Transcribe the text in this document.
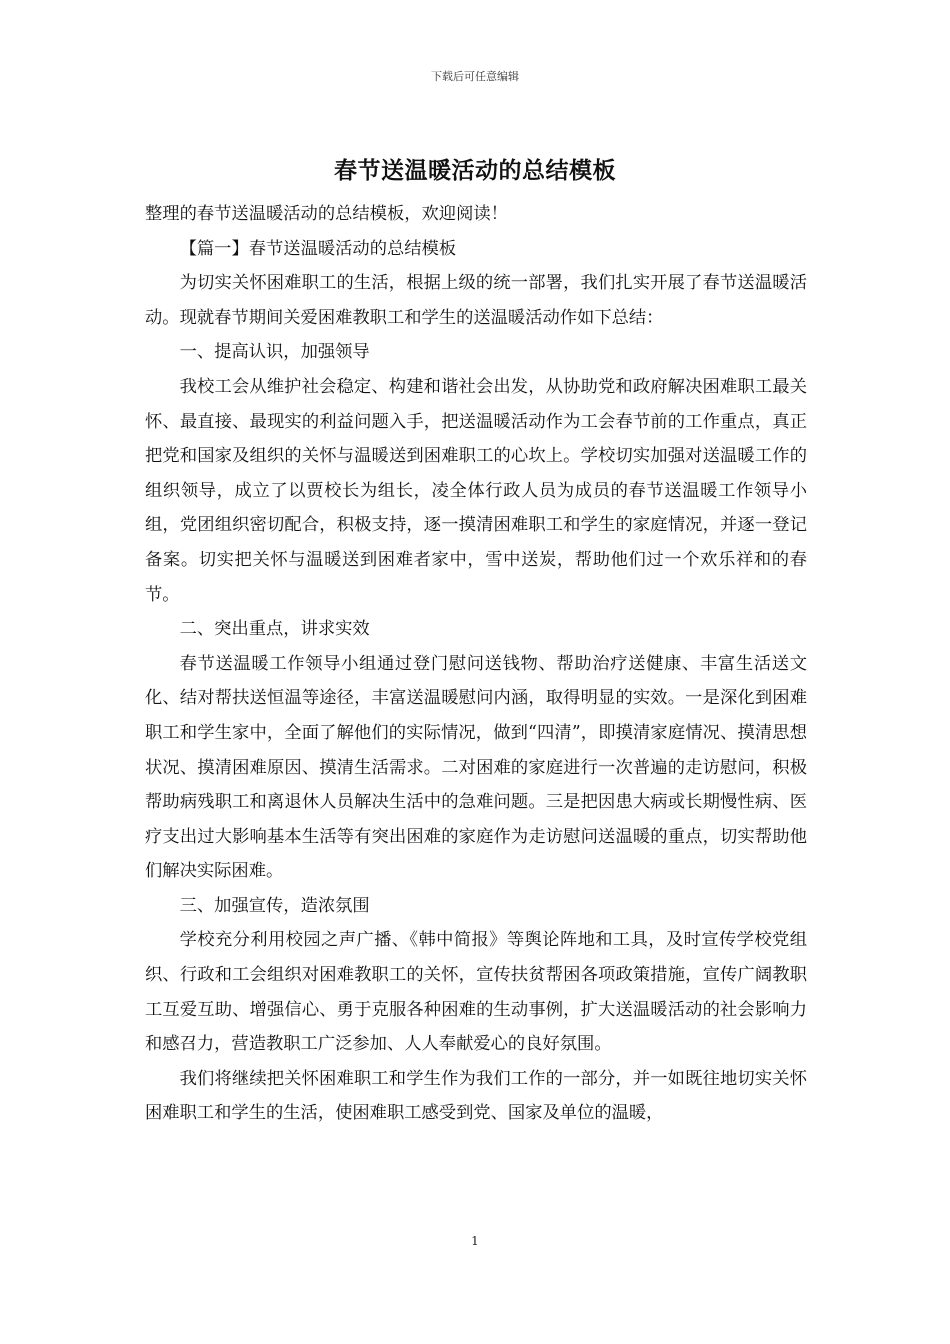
下载后可任意编辑
春节送温暖活动的总结模板

整理的春节送温暖活动的总结模板，欢迎阅读！

【篇一】春节送温暖活动的总结模板

为切实关怀困难职工的生活，根据上级的统一部署，我们扎实开展了春节送温暖活动。现就春节期间关爱困难教职工和学生的送温暖活动作如下总结：

一、提高认识，加强领导

我校工会从维护社会稳定、构建和谐社会出发，从协助党和政府解决困难职工最关怀、最直接、最现实的利益问题入手，把送温暖活动作为工会春节前的工作重点，真正把党和国家及组织的关怀与温暖送到困难职工的心坎上。学校切实加强对送温暖工作的组织领导，成立了以贾校长为组长，凌全体行政人员为成员的春节送温暖工作领导小组，党团组织密切配合，积极支持，逐一摸清困难职工和学生的家庭情况，并逐一登记备案。切实把关怀与温暖送到困难者家中，雪中送炭，帮助他们过一个欢乐祥和的春节。

二、突出重点，讲求实效

春节送温暖工作领导小组通过登门慰问送钱物、帮助治疗送健康、丰富生活送文化、结对帮扶送恒温等途径，丰富送温暖慰问内涵，取得明显的实效。一是深化到困难职工和学生家中，全面了解他们的实际情况，做到“四清”，即摸清家庭情况、摸清思想状况、摸清困难原因、摸清生活需求。二对困难的家庭进行一次普遍的走访慰问，积极帮助病残职工和离退休人员解决生活中的急难问题。三是把因患大病或长期慢性病、医疗支出过大影响基本生活等有突出困难的家庭作为走访慰问送温暖的重点，切实帮助他们解决实际困难。

三、加强宣传，造浓氛围

学校充分利用校园之声广播、《韩中简报》等舆论阵地和工具，及时宣传学校党组织、行政和工会组织对困难教职工的关怀，宣传扶贫帮困各项政策措施，宣传广阔教职工互爱互助、增强信心、勇于克服各种困难的生动事例，扩大送温暖活动的社会影响力和感召力，营造教职工广泛参加、人人奉献爱心的良好氛围。

我们将继续把关怀困难职工和学生作为我们工作的一部分，并一如既往地切实关怀困难职工和学生的生活，使困难职工感受到党、国家及单位的温暖，

1
